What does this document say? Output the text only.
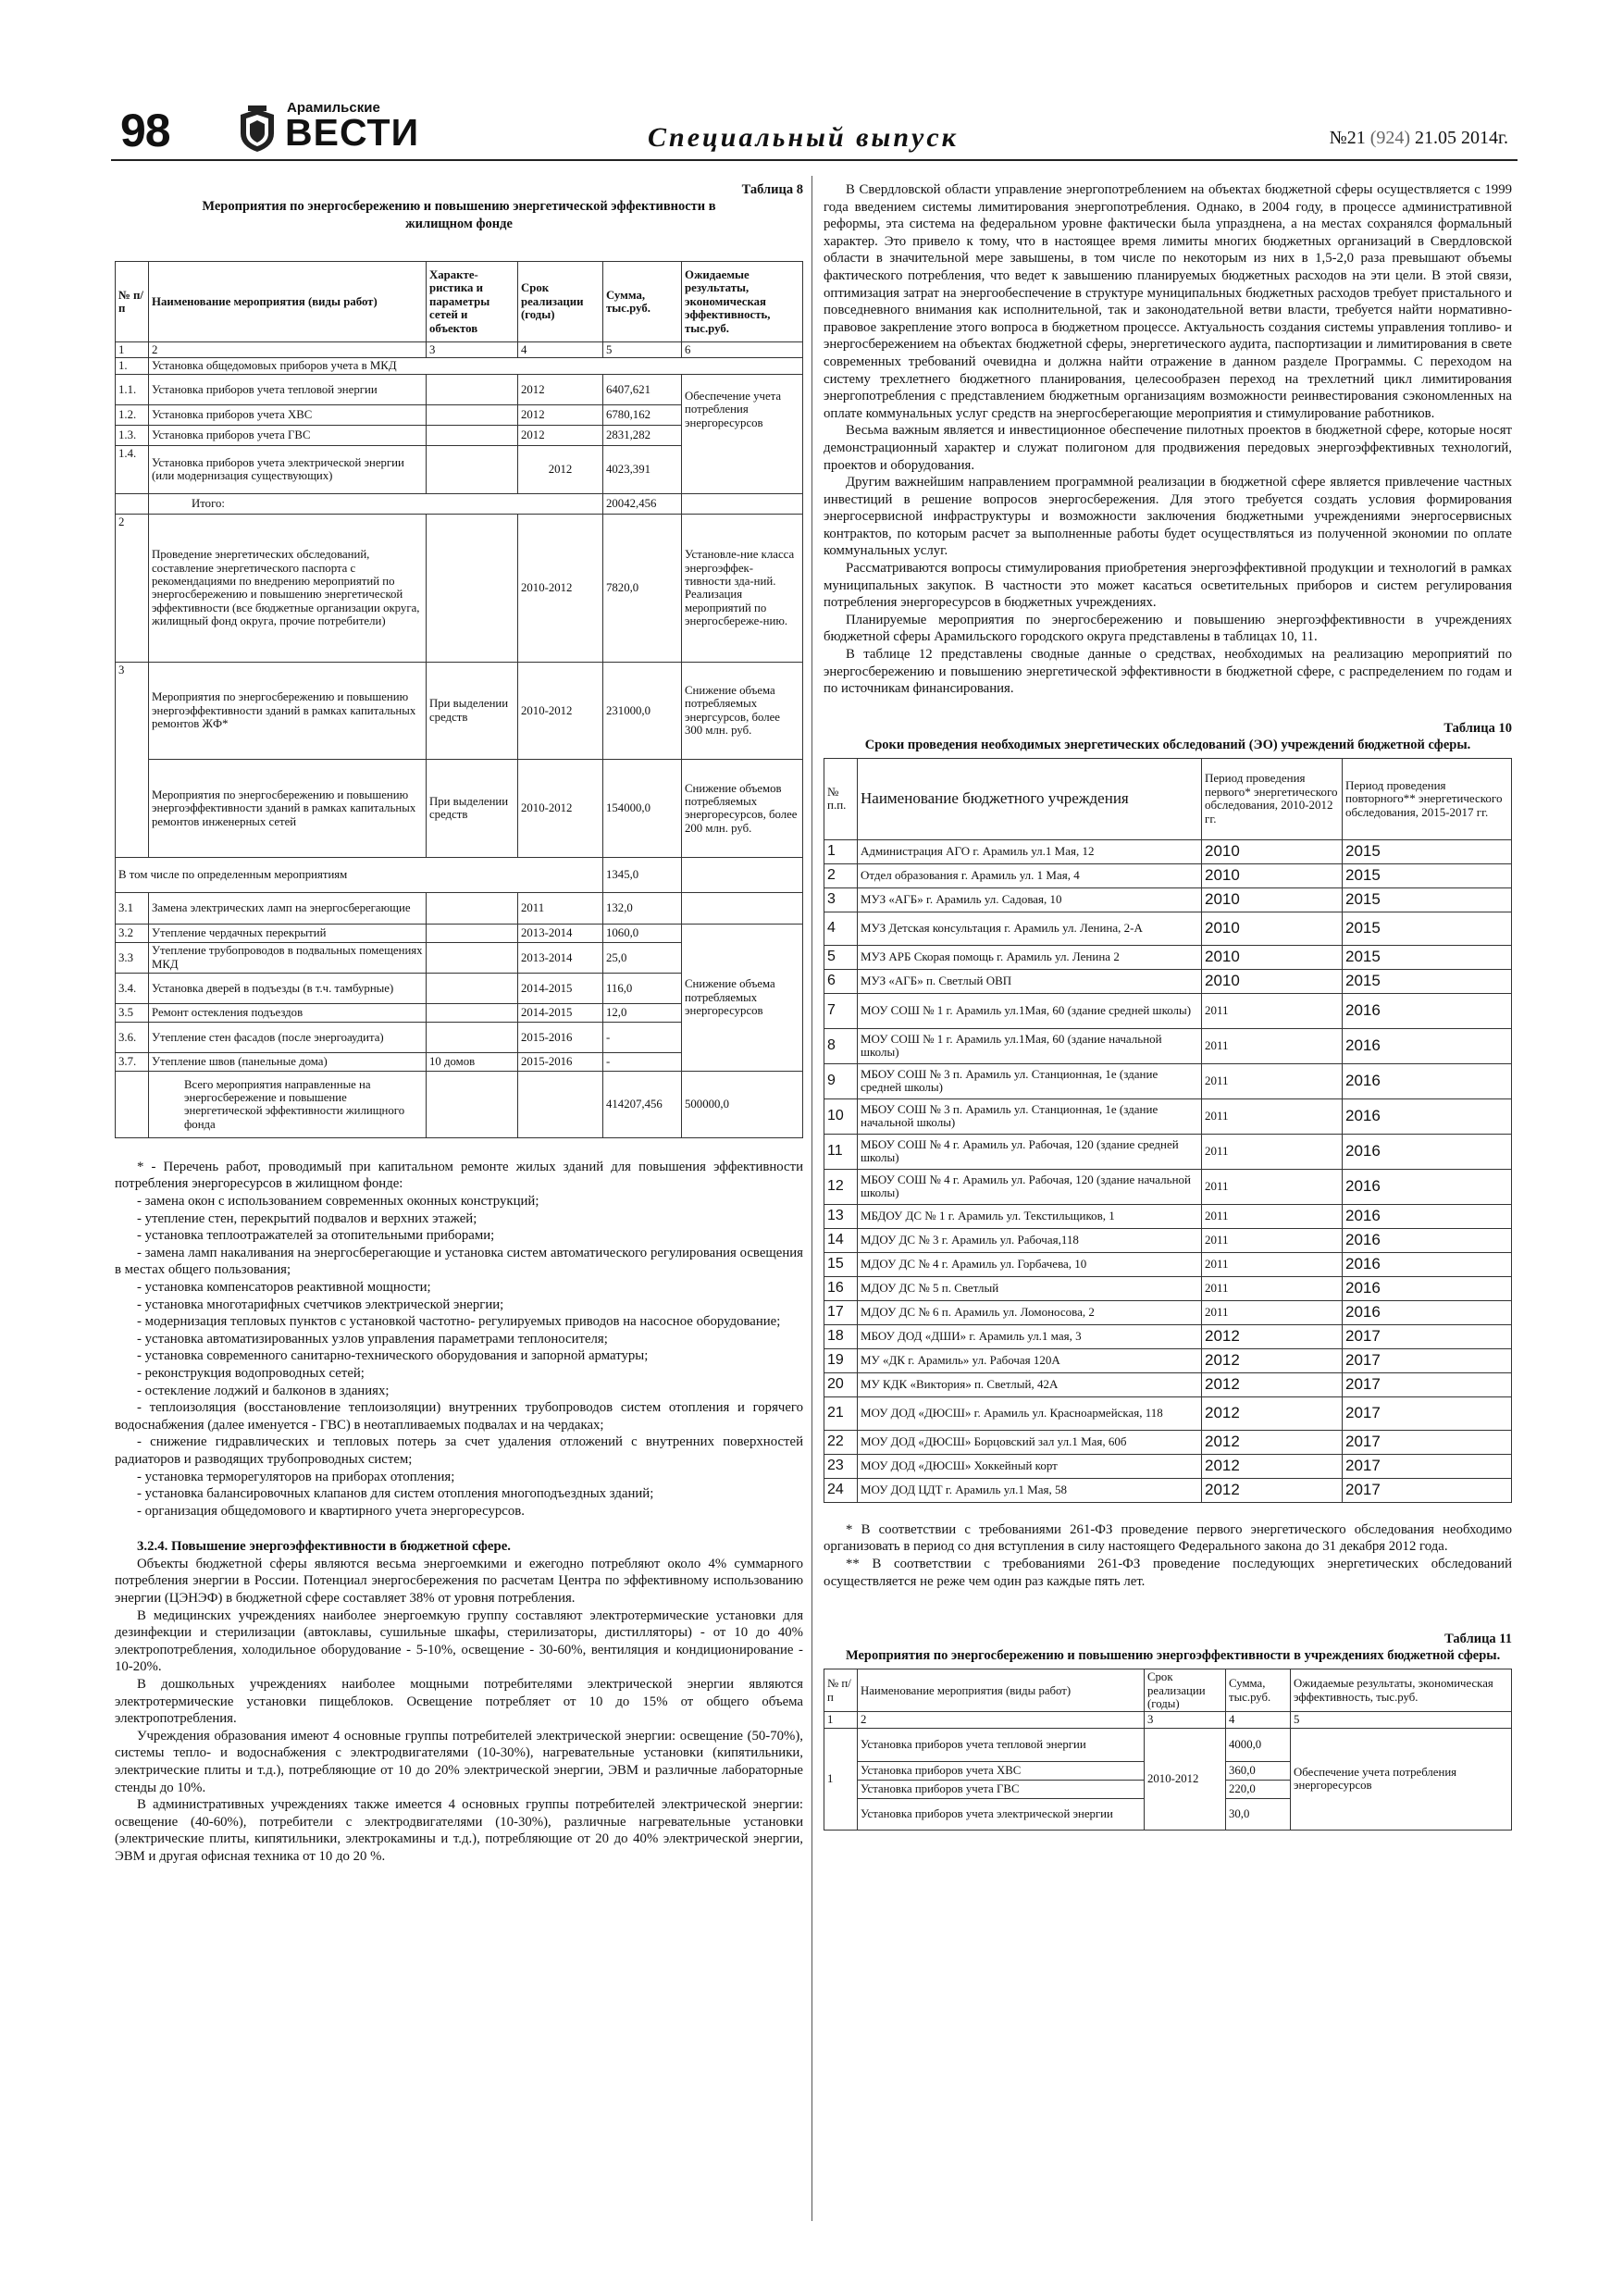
98	Арамильские
ВЕСТИ	Специальный выпуск	№21 (924) 21.05 2014г.
Таблица 8
Мероприятия по энергосбережению и повышению энергетической эффективности в жилищном фонде
№ п/п	Наименование мероприятия (виды работ)	Характе-ристика и параметры сетей и объектов	Срок реализации (годы)	Сумма, тыс.руб.	Ожидаемые результаты, экономическая эффективность, тыс.руб.
1	2	3	4	5	6
1.	Установка общедомовых приборов учета в МКД				
1.1.	Установка приборов учета тепловой энергии		2012	6407,621	Обеспечение учета потребления энергоресурсов
1.2.	Установка приборов учета ХВС		2012	6780,162	
1.3.	Установка приборов учета ГВС		2012	2831,282	
1.4.	Установка приборов учета электрической энергии (или модернизация существующих)		2012	4023,391	
	Итого:			20042,456	
2	Проведение энергетических обследований, составление энергетического паспорта с рекомендациями по внедрению мероприятий по энергосбережению и повышению энергетической эффективности (все бюджетные организации округа, жилищный фонд округа, прочие потребители)		2010-2012	7820,0	Установле-ние класса энергоэффек-тивности зда-ний. Реализация мероприятий по энергосбереже-нию.
3	Мероприятия по энергосбережению и повышению энергоэффективности зданий в рамках капитальных ремонтов ЖФ*	При выделении средств	2010-2012	231000,0	Снижение объема потребляемых энергсурсов, более 300 млн. руб.
	Мероприятия по энергосбережению и повышению энергоэффективности зданий в рамках капитальных ремонтов инженерных сетей	При выделении средств	2010-2012	154000,0	Снижение объемов потребляемых энергоресурсов, более 200 млн. руб.
В том числе по определенным мероприятиям				1345,0	
3.1	Замена электрических ламп на энергосберегающие		2011	132,0	
3.2	Утепление чердачных перекрытий		2013-2014	1060,0	Снижение объема потребляемых энергоресурсов
3.3	Утепление трубопроводов в подвальных помещениях МКД		2013-2014	25,0	
3.4.	Установка дверей в подъезды (в т.ч. тамбурные)		2014-2015	116,0	
3.5	Ремонт остекления подъездов		2014-2015	12,0	
3.6.	Утепление стен фасадов (после энергоаудита)		2015-2016	-	
3.7.	Утепление швов (панельные дома)	10 домов	2015-2016	-	
	Всего мероприятия направленные на энергосбережение и повышение энергетической эффективности жилищного фонда			414207,456	500000,0

* - Перечень работ, проводимый при капитальном ремонте жилых зданий для повышения эффективности потребления энергоресурсов в жилищном фонде:

- замена окон с использованием современных оконных конструкций;

- утепление стен, перекрытий подвалов и верхних этажей;

- установка теплоотражателей за отопительными приборами;

- замена ламп накаливания на энергосберегающие и установка систем автоматического регулирования освещения в местах общего пользования;

- установка компенсаторов реактивной мощности;

- установка многотарифных счетчиков электрической энергии;

- модернизация тепловых пунктов с установкой частотно- регулируемых приводов на насосное оборудование;

- установка автоматизированных узлов управления параметрами теплоносителя;

- установка современного санитарно-технического оборудования и запорной арматуры;

- реконструкция водопроводных сетей;

- остекление лоджий и балконов в зданиях;

- теплоизоляция (восстановление теплоизоляции) внутренних трубопроводов систем отопления и горячего водоснабжения (далее именуется - ГВС) в неотапливаемых подвалах и на чердаках;

- снижение гидравлических и тепловых потерь за счет удаления отложений с внутренних поверхностей радиаторов и разводящих трубопроводных систем;

- установка терморегуляторов на приборах отопления;

- установка балансировочных клапанов для систем отопления многоподъездных зданий;

- организация общедомового и квартирного учета энергоресурсов.

3.2.4. Повышение энергоэффективности в бюджетной сфере.

Объекты бюджетной сферы являются весьма энергоемкими и ежегодно потребляют около 4% суммарного потребления энергии в России. Потенциал энергосбережения по расчетам Центра по эффективному использованию энергии (ЦЭНЭФ) в бюджетной сфере составляет 38% от уровня потребления.

В медицинских учреждениях наиболее энергоемкую группу составляют электротермические установки для дезинфекции и стерилизации (автоклавы, сушильные шкафы, стерилизаторы, дистилляторы) - от 10 до 40% электропотребления, холодильное оборудование - 5-10%, освещение - 30-60%, вентиляция и кондиционирование - 10-20%.

В дошкольных учреждениях наиболее мощными потребителями электрической энергии являются электротермические установки пищеблоков. Освещение потребляет от 10 до 15% от общего объема электропотребления.

Учреждения образования имеют 4 основные группы потребителей электрической энергии: освещение (50-70%), системы тепло- и водоснабжения с электродвигателями (10-30%), нагревательные установки (кипятильники, электрические плиты и т.д.), потребляющие от 10 до 20% электрической энергии, ЭВМ и различные лабораторные стенды до 10%.

В административных учреждениях также имеется 4 основных группы потребителей электрической энергии: освещение (40-60%), потребители с электродвигателями (10-30%), различные нагревательные установки (электрические плиты, кипятильники, электрокамины и т.д.), потребляющие от 20 до 40% электрической энергии, ЭВМ и другая офисная техника от 10 до 20 %.

В Свердловской области управление энергопотреблением на объектах бюджетной сферы осуществляется с 1999 года введением системы лимитирования энергопотребления. Однако, в 2004 году, в процессе административной реформы, эта система на федеральном уровне фактически была упразднена, а на местах сохранялся формальный характер. Это привело к тому, что в настоящее время лимиты многих бюджетных организаций в Свердловской области в значительной мере завышены, в том числе по некоторым из них в 1,5-2,0 раза превышают объемы фактического потребления, что ведет к завышению планируемых бюджетных расходов на эти цели. В этой связи, оптимизация затрат на энергообеспечение в структуре муниципальных бюджетных расходов требует пристального и повседневного внимания как исполнительной, так и законодательной ветви власти, требуется найти нормативно-правовое закрепление этого вопроса в бюджетном процессе. Актуальность создания системы управления топливо- и энергосбережением на объектах бюджетной сферы, энергетического аудита, паспортизации и лимитирования в свете современных требований очевидна и должна найти отражение в данном разделе Программы. С переходом на систему трехлетнего бюджетного планирования, целесообразен переход на трехлетний цикл лимитирования энергопотребления с представлением бюджетным организациям возможности реинвестирования сэкономленных на оплате коммунальных услуг средств на энергосберегающие мероприятия и стимулирование работников.

Весьма важным является и инвестиционное обеспечение пилотных проектов в бюджетной сфере, которые носят демонстрационный характер и служат полигоном для продвижения передовых энергоэффективных технологий, проектов и оборудования.

Другим важнейшим направлением программной реализации в бюджетной сфере является привлечение частных инвестиций в решение вопросов энергосбережения. Для этого требуется создать условия формирования энергосервисной инфраструктуры и возможности заключения бюджетными учреждениями энергосервисных контрактов, по которым расчет за выполненные работы будет осуществляться из полученной экономии по оплате коммунальных услуг.

Рассматриваются вопросы стимулирования приобретения энергоэффективной продукции и технологий в рамках муниципальных закупок. В частности это может касаться осветительных приборов и систем регулирования потребления энергоресурсов в бюджетных учреждениях.

Планируемые мероприятия по энергосбережению и повышению энергоэффективности в учреждениях бюджетной сферы Арамильского городского округа представлены в таблицах 10, 11.

В таблице 12 представлены сводные данные о средствах, необходимых на реализацию мероприятий по энергосбережению и повышению энергетической эффективности в бюджетной сфере, с распределением по годам и по источникам финансирования.

Таблица 10
Сроки проведения необходимых энергетических обследований (ЭО) учреждений бюджетной сферы.
№ п.п.	Наименование бюджетного учреждения	Период проведения первого* энергетического обследования, 2010-2012 гг.	Период проведения повторного** энергетического обследования, 2015-2017 гг.
1	Администрация АГО г. Арамиль ул.1 Мая, 12	2010	2015
2	Отдел образования г. Арамиль ул. 1 Мая, 4	2010	2015
3	МУЗ «АГБ» г. Арамиль ул. Садовая, 10	2010	2015
4	МУЗ Детская консультация г. Арамиль ул. Ленина, 2-А	2010	2015
5	МУЗ АРБ Скорая помощь г. Арамиль ул. Ленина 2	2010	2015
6	МУЗ «АГБ» п. Светлый ОВП	2010	2015
7	МОУ СОШ № 1 г. Арамиль ул.1Мая, 60 (здание средней школы)	2011	2016
8	МОУ СОШ № 1 г. Арамиль ул.1Мая, 60 (здание начальной школы)	2011	2016
9	МБОУ СОШ № 3 п. Арамиль ул. Станционная, 1е (здание средней школы)	2011	2016
10	МБОУ СОШ № 3 п. Арамиль ул. Станционная, 1е (здание начальной школы)	2011	2016
11	МБОУ СОШ № 4 г. Арамиль ул. Рабочая, 120 (здание средней школы)	2011	2016
12	МБОУ СОШ № 4 г. Арамиль ул. Рабочая, 120 (здание начальной школы)	2011	2016
13	МБДОУ ДС № 1 г. Арамиль ул. Текстильщиков, 1	2011	2016
14	МДОУ ДС № 3 г. Арамиль ул. Рабочая,118	2011	2016
15	МДОУ ДС № 4 г. Арамиль ул. Горбачева, 10	2011	2016
16	МДОУ ДС № 5 п. Светлый	2011	2016
17	МДОУ ДС № 6 п. Арамиль ул. Ломоносова, 2	2011	2016
18	МБОУ ДОД «ДШИ» г. Арамиль ул.1 мая, 3	2012	2017
19	МУ «ДК г. Арамиль» ул. Рабочая 120А	2012	2017
20	МУ КДК «Виктория» п. Светлый, 42А	2012	2017
21	МОУ ДОД «ДЮСШ» г. Арамиль ул. Красноармейская, 118	2012	2017
22	МОУ ДОД «ДЮСШ» Борцовский зал ул.1 Мая, 60б	2012	2017
23	МОУ ДОД «ДЮСШ» Хоккейный корт	2012	2017
24	МОУ ДОД ЦДТ г. Арамиль ул.1 Мая, 58	2012	2017

* В соответствии с требованиями 261-ФЗ проведение первого энергетического обследования необходимо организовать в период со дня вступления в силу настоящего Федерального закона до 31 декабря 2012 года.

** В соответствии с требованиями 261-ФЗ проведение последующих энергетических обследований осуществляется не реже чем один раз каждые пять лет.

Таблица 11
Мероприятия по энергосбережению и повышению энергоэффективности в учреждениях бюджетной сферы.
№ п/п	Наименование мероприятия (виды работ)	Срок реализации (годы)	Сумма, тыс.руб.	Ожидаемые результаты, экономическая эффективность, тыс.руб.
1	2	3	4	5
1	Установка приборов учета тепловой энергии	2010-2012	4000,0	Обеспечение учета потребления энергоресурсов
	Установка приборов учета ХВС		360,0	
	Установка приборов учета ГВС		220,0	
	Установка приборов учета электрической энергии		30,0	
